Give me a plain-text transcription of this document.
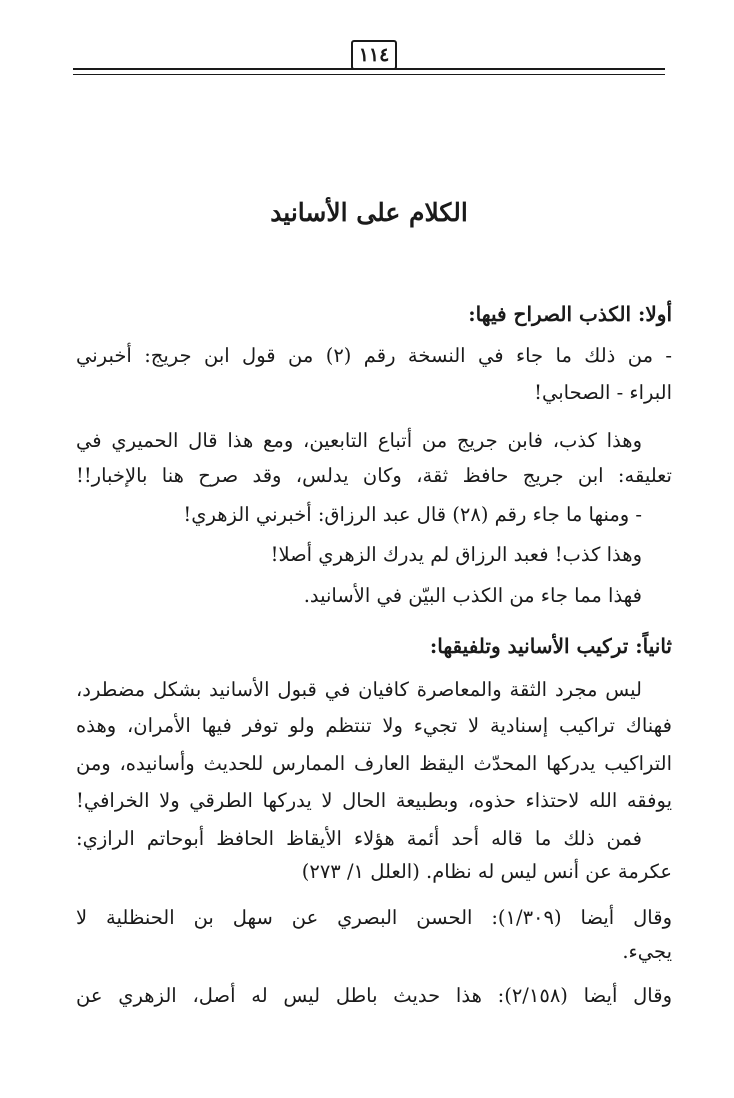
١١٤
الكلام على الأسانيد
أولا: الكذب الصراح فيها:
- من ذلك ما جاء في النسخة رقم (٢) من قول ابن جريج: أخبرني
البراء - الصحابي!
وهذا كذب، فابن جريج من أتباع التابعين، ومع هذا قال الحميري في
تعليقه: ابن جريج حافظ ثقة، وكان يدلس، وقد صرح هنا بالإخبار!!
- ومنها ما جاء رقم (٢٨) قال عبد الرزاق: أخبرني الزهري!
وهذا كذب! فعبد الرزاق لم يدرك الزهري أصلا!
فهذا مما جاء من الكذب البيّن في الأسانيد.
ثانياً: تركيب الأسانيد وتلفيقها:
ليس مجرد الثقة والمعاصرة كافيان في قبول الأسانيد بشكل مضطرد،
فهناك تراكيب إسنادية لا تجيء ولا تنتظم ولو توفر فيها الأمران، وهذه
التراكيب يدركها المحدّث اليقظ العارف الممارس للحديث وأسانيده، ومن
يوفقه الله لاحتذاء حذوه، وبطبيعة الحال لا يدركها الطرقي ولا الخرافي!
فمن ذلك ما قاله أحد أئمة هؤلاء الأيقاظ الحافظ أبوحاتم الرازي:
عكرمة عن أنس ليس له نظام. (العلل ١/ ٢٧٣)
وقال أيضا (١/٣٠٩): الحسن البصري عن سهل بن الحنظلية لا
يجيء.
وقال أيضا (٢/١٥٨): هذا حديث باطل ليس له أصل، الزهري عن
